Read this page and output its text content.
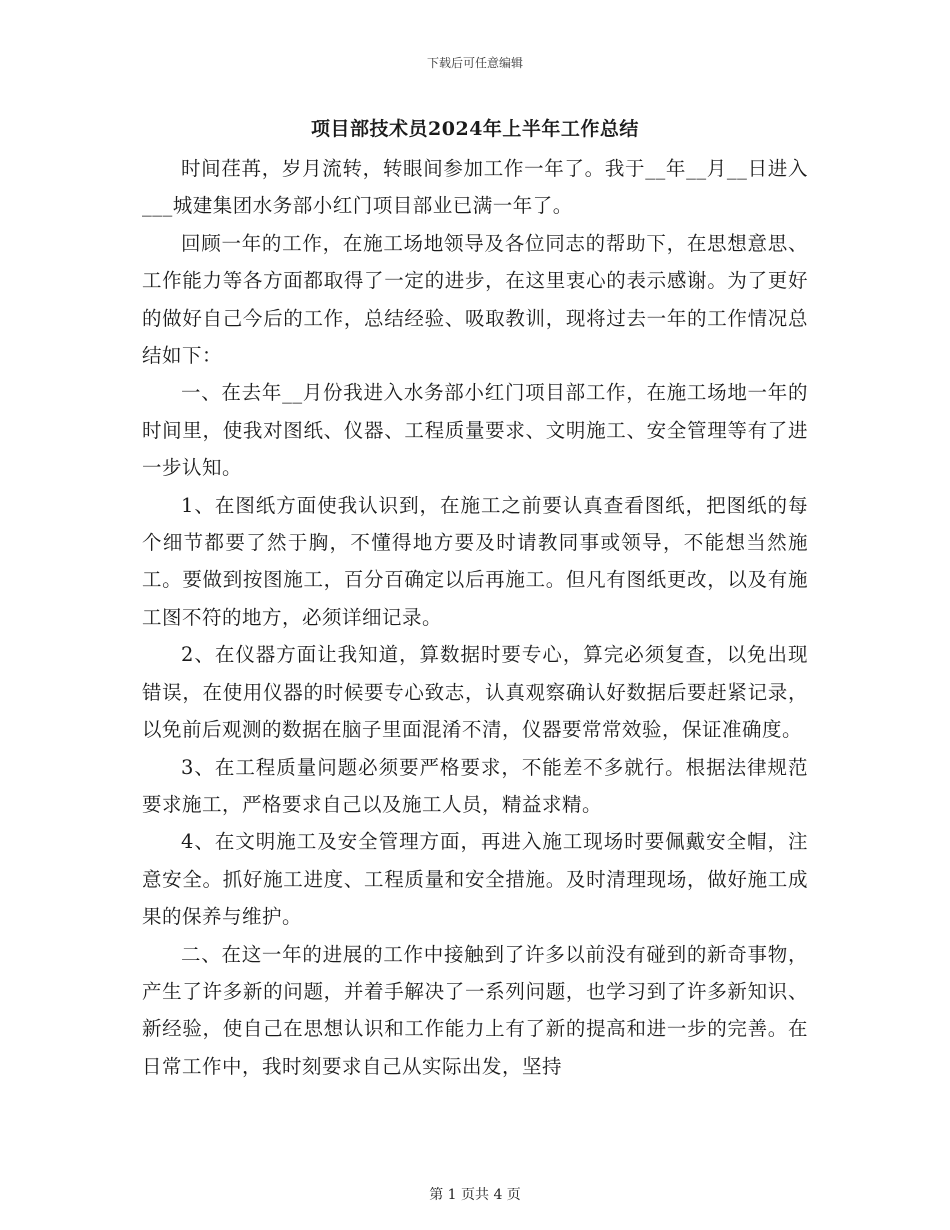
下载后可任意编辑
项目部技术员2024年上半年工作总结

时间荏苒，岁月流转，转眼间参加工作一年了。我于__年__月__日进入___城建集团水务部小红门项目部业已满一年了。

回顾一年的工作，在施工场地领导及各位同志的帮助下，在思想意思、工作能力等各方面都取得了一定的进步，在这里衷心的表示感谢。为了更好的做好自己今后的工作，总结经验、吸取教训，现将过去一年的工作情况总结如下：

一、在去年__月份我进入水务部小红门项目部工作，在施工场地一年的时间里，使我对图纸、仪器、工程质量要求、文明施工、安全管理等有了进一步认知。

1、在图纸方面使我认识到，在施工之前要认真查看图纸，把图纸的每个细节都要了然于胸，不懂得地方要及时请教同事或领导，不能想当然施工。要做到按图施工，百分百确定以后再施工。但凡有图纸更改，以及有施工图不符的地方，必须详细记录。

2、在仪器方面让我知道，算数据时要专心，算完必须复查，以免出现错误，在使用仪器的时候要专心致志，认真观察确认好数据后要赶紧记录，以免前后观测的数据在脑子里面混淆不清，仪器要常常效验，保证准确度。

3、在工程质量问题必须要严格要求，不能差不多就行。根据法律规范要求施工，严格要求自己以及施工人员，精益求精。

4、在文明施工及安全管理方面，再进入施工现场时要佩戴安全帽，注意安全。抓好施工进度、工程质量和安全措施。及时清理现场，做好施工成果的保养与维护。

二、在这一年的进展的工作中接触到了许多以前没有碰到的新奇事物，产生了许多新的问题，并着手解决了一系列问题，也学习到了许多新知识、新经验，使自己在思想认识和工作能力上有了新的提高和进一步的完善。在日常工作中，我时刻要求自己从实际出发，坚持

第 1 页共 4 页
